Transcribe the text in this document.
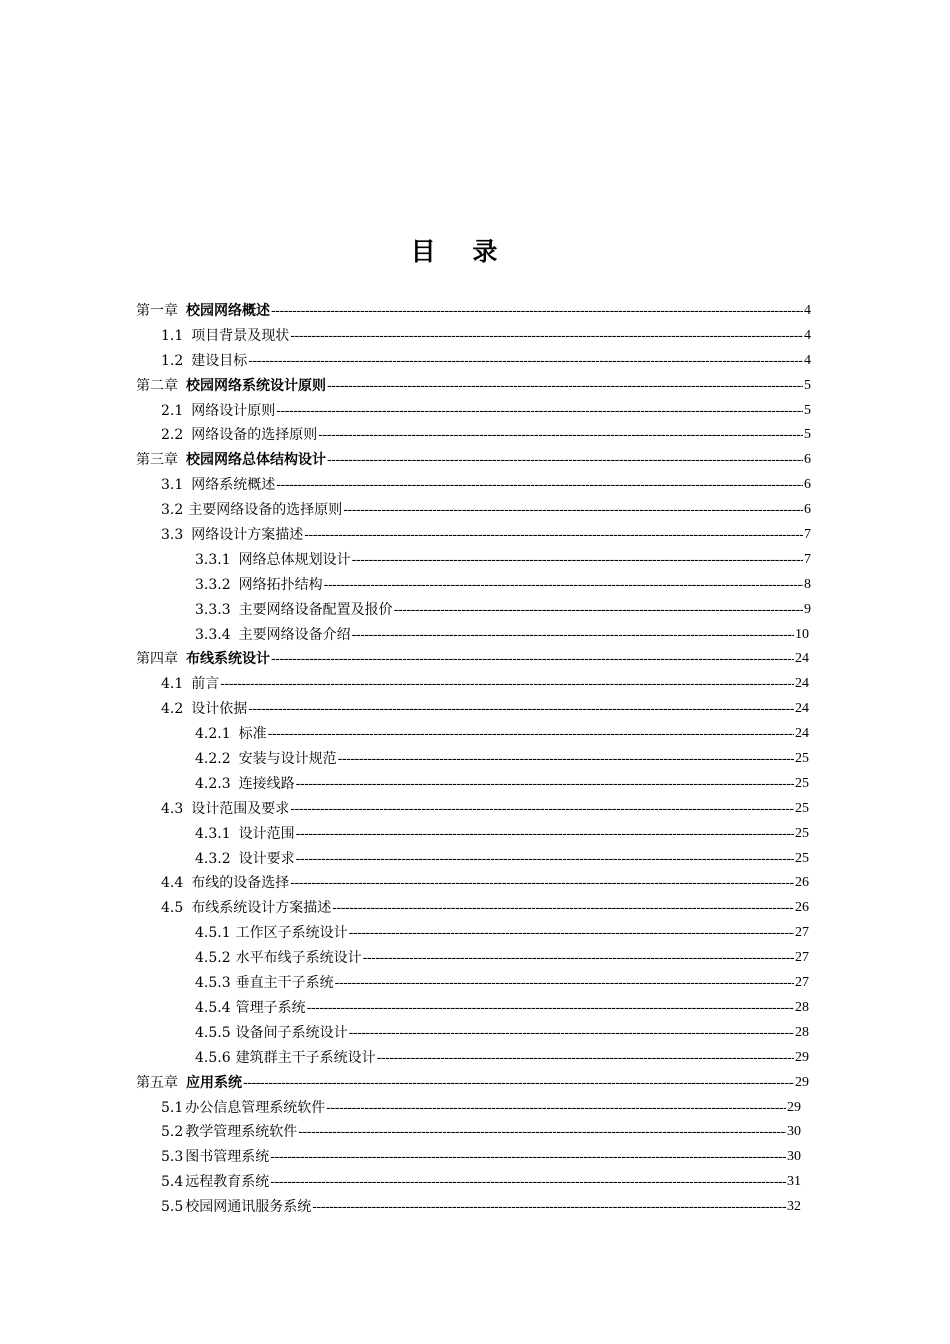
目 录
第一章 校园网络概述 -----	4
1.1 项目背景及现状 -----	4
1.2 建设目标 -----	4
第二章 校园网络系统设计原则 -----	5
2.1 网络设计原则 -----	5
2.2 网络设备的选择原则 -----	5
第三章 校园网络总体结构设计 -----	6
3.1 网络系统概述 -----	6
3.2 主要网络设备的选择原则 -----	6
3.3 网络设计方案描述 -----	7
3.3.1 网络总体规划设计 -----	7
3.3.2 网络拓扑结构 -----	8
3.3.3 主要网络设备配置及报价 -----	9
3.3.4 主要网络设备介绍 -----	10
第四章 布线系统设计 -----	24
4.1 前言 -----	24
4.2 设计依据 -----	24
4.2.1 标准 -----	24
4.2.2 安装与设计规范 -----	25
4.2.3 连接线路 -----	25
4.3 设计范围及要求 -----	25
4.3.1 设计范围 -----	25
4.3.2 设计要求 -----	25
4.4 布线的设备选择 -----	26
4.5 布线系统设计方案描述 -----	26
4.5.1 工作区子系统设计 -----	27
4.5.2 水平布线子系统设计 -----	27
4.5.3 垂直主干子系统 -----	27
4.5.4 管理子系统 -----	28
4.5.5 设备间子系统设计 -----	28
4.5.6 建筑群主干子系统设计 -----	29
第五章 应用系统 -----	29
5.1 办公信息管理系统软件 -----	29
5.2 教学管理系统软件 -----	30
5.3 图书管理系统 -----	30
5.4 远程教育系统 -----	31
5.5 校园网通讯服务系统 -----	32
